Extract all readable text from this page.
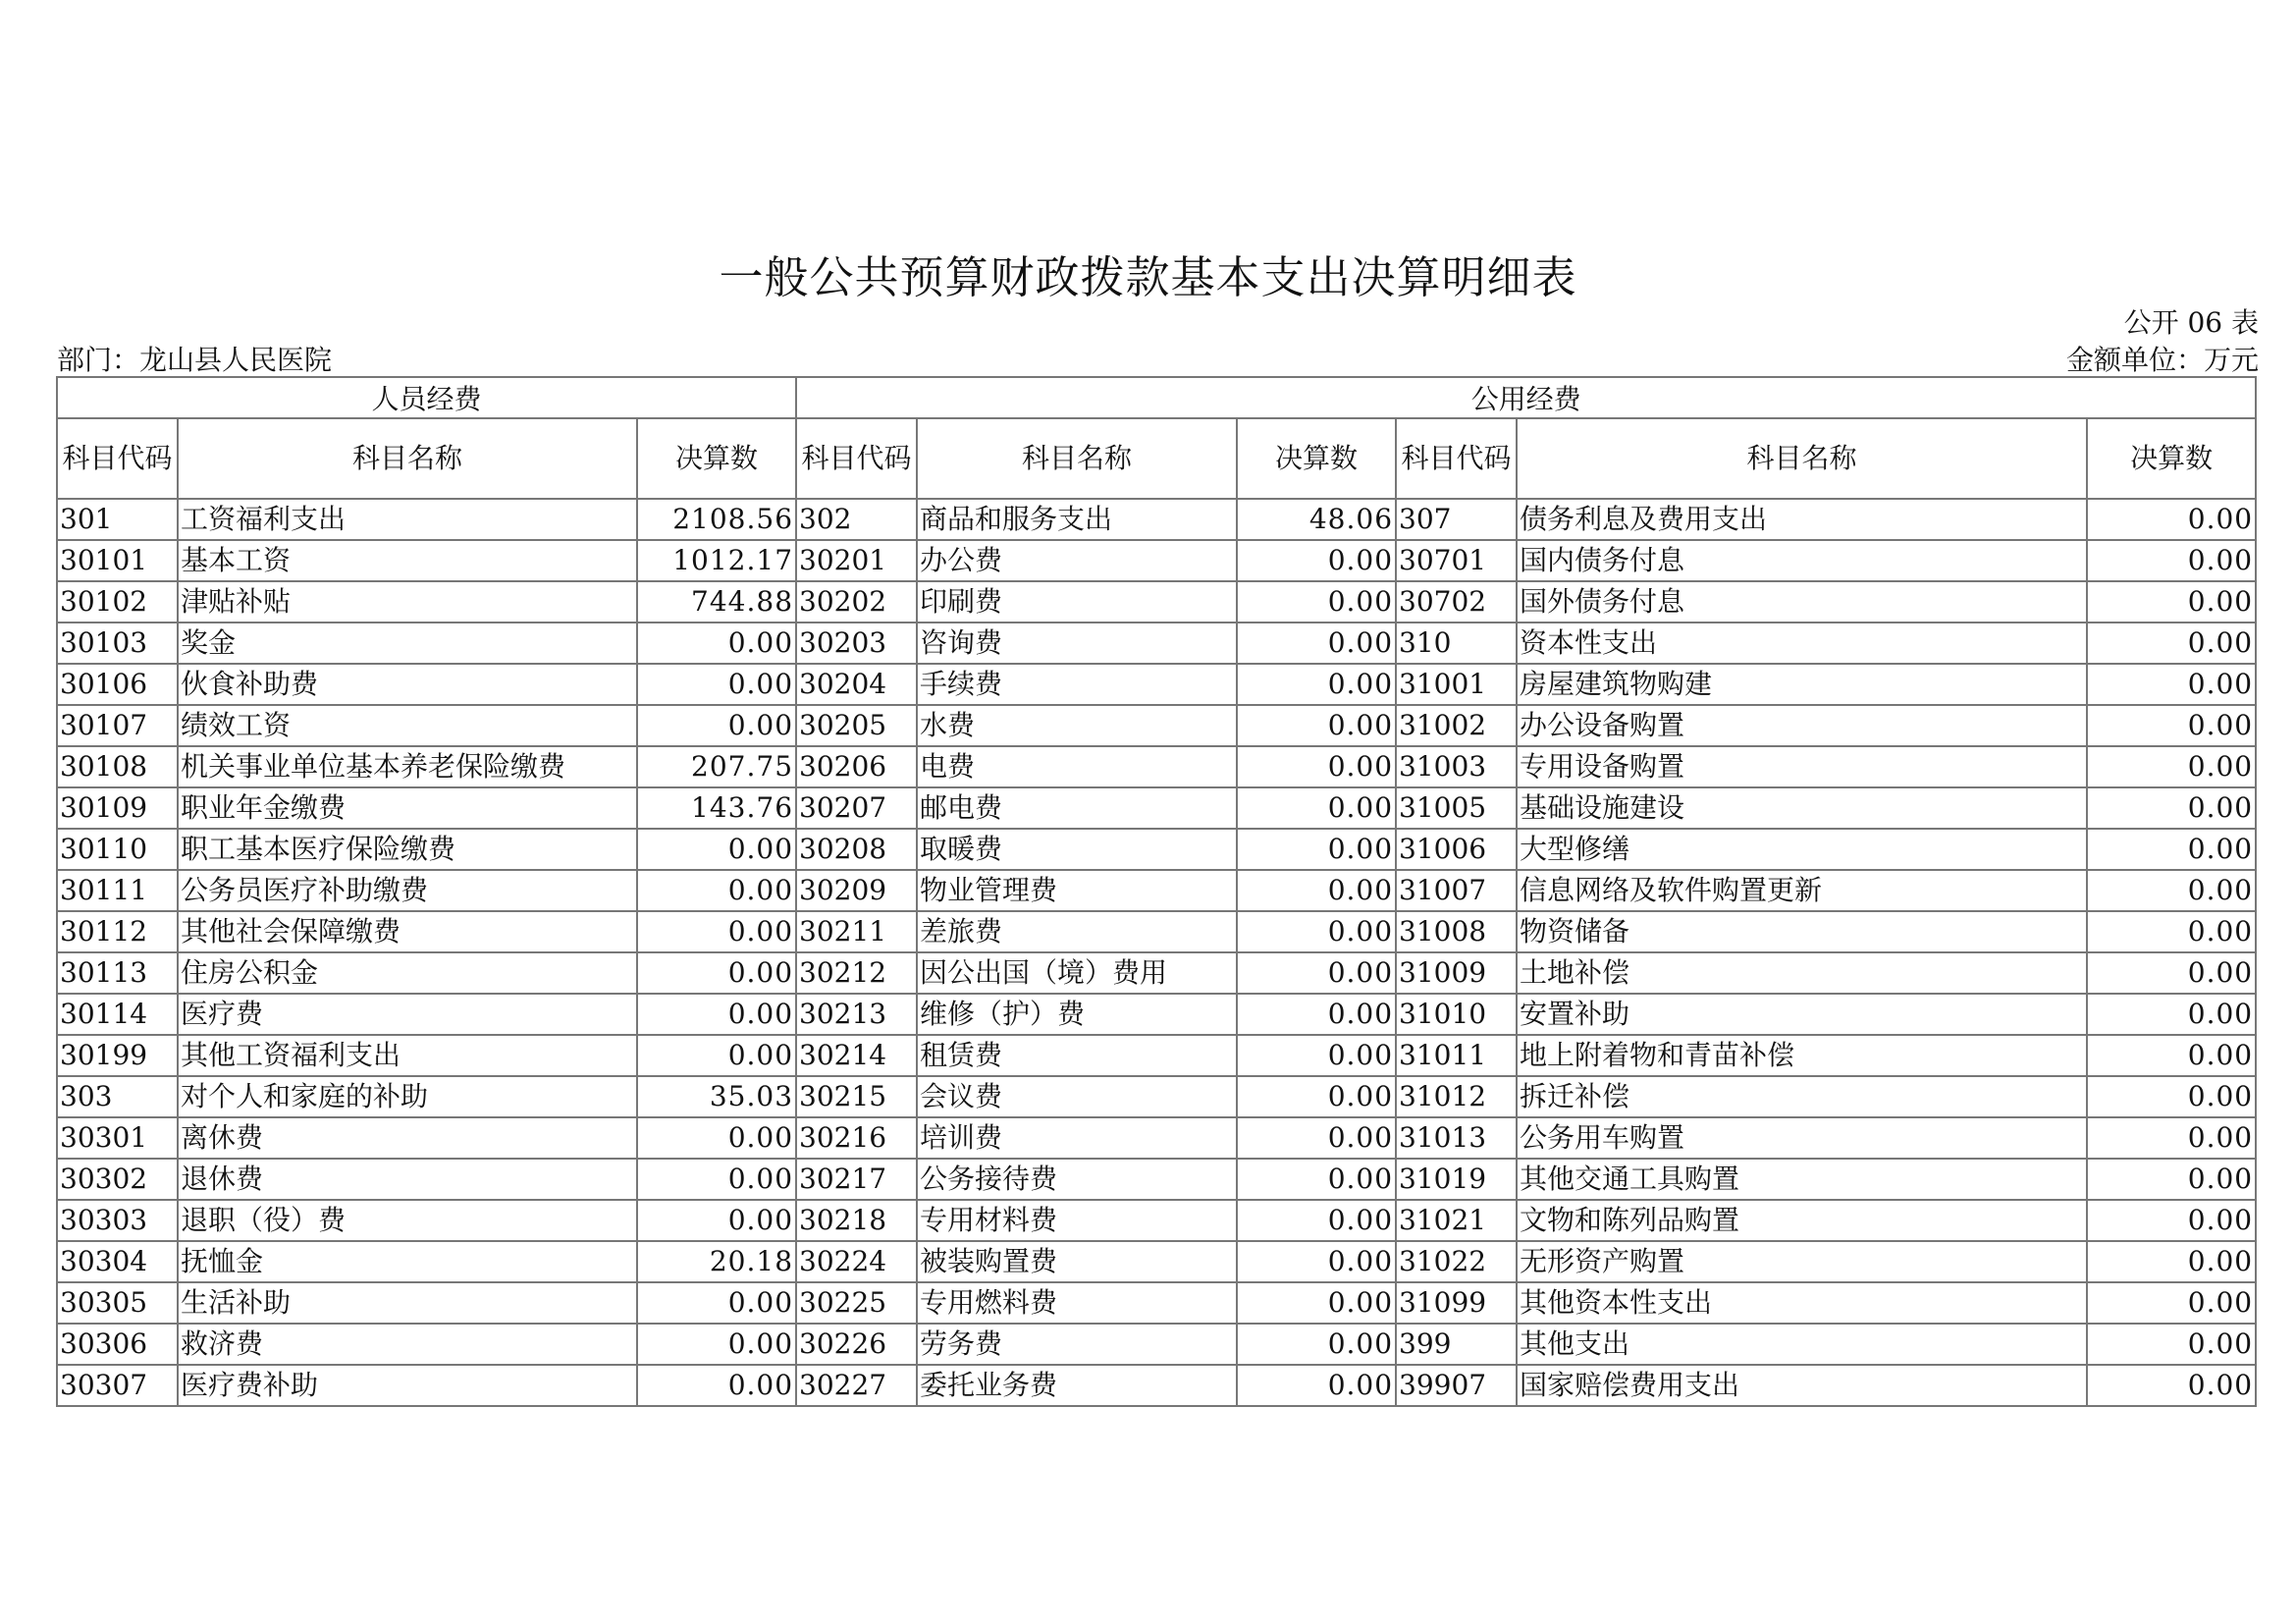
一般公共预算财政拨款基本支出决算明细表
公开 06 表
部门：龙山县人民医院	金额单位：万元
人员经费			公用经费					
科目代码	科目名称	决算数	科目代码	科目名称	决算数	科目代码	科目名称	决算数
301	工资福利支出	2108.56	302	商品和服务支出	48.06	307	债务利息及费用支出	0.00
30101	基本工资	1012.17	30201	办公费	0.00	30701	国内债务付息	0.00
30102	津贴补贴	744.88	30202	印刷费	0.00	30702	国外债务付息	0.00
30103	奖金	0.00	30203	咨询费	0.00	310	资本性支出	0.00
30106	伙食补助费	0.00	30204	手续费	0.00	31001	房屋建筑物购建	0.00
30107	绩效工资	0.00	30205	水费	0.00	31002	办公设备购置	0.00
30108	机关事业单位基本养老保险缴费	207.75	30206	电费	0.00	31003	专用设备购置	0.00
30109	职业年金缴费	143.76	30207	邮电费	0.00	31005	基础设施建设	0.00
30110	职工基本医疗保险缴费	0.00	30208	取暖费	0.00	31006	大型修缮	0.00
30111	公务员医疗补助缴费	0.00	30209	物业管理费	0.00	31007	信息网络及软件购置更新	0.00
30112	其他社会保障缴费	0.00	30211	差旅费	0.00	31008	物资储备	0.00
30113	住房公积金	0.00	30212	因公出国（境）费用	0.00	31009	土地补偿	0.00
30114	医疗费	0.00	30213	维修（护）费	0.00	31010	安置补助	0.00
30199	其他工资福利支出	0.00	30214	租赁费	0.00	31011	地上附着物和青苗补偿	0.00
303	对个人和家庭的补助	35.03	30215	会议费	0.00	31012	拆迁补偿	0.00
30301	离休费	0.00	30216	培训费	0.00	31013	公务用车购置	0.00
30302	退休费	0.00	30217	公务接待费	0.00	31019	其他交通工具购置	0.00
30303	退职（役）费	0.00	30218	专用材料费	0.00	31021	文物和陈列品购置	0.00
30304	抚恤金	20.18	30224	被装购置费	0.00	31022	无形资产购置	0.00
30305	生活补助	0.00	30225	专用燃料费	0.00	31099	其他资本性支出	0.00
30306	救济费	0.00	30226	劳务费	0.00	399	其他支出	0.00
30307	医疗费补助	0.00	30227	委托业务费	0.00	39907	国家赔偿费用支出	0.00
